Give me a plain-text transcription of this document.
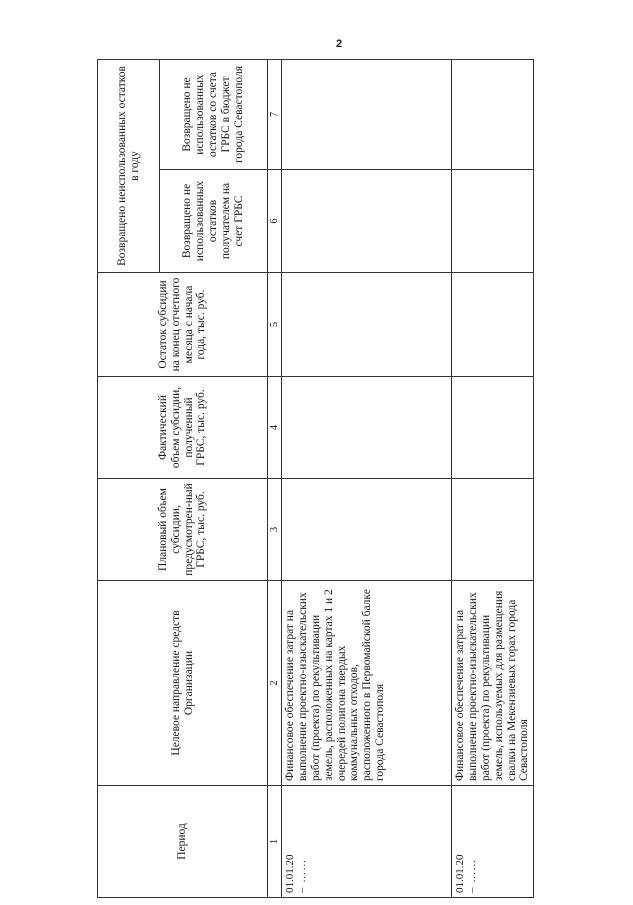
2
Период	Целевое направление средств Организации	Плановый объем субсидии, предусмотрен-ный ГРБС, тыс. руб.	Фактический объем субсидии, полученный ГРБС, тыс. руб.	Остаток субсидии на конец отчетного месяца с начала года, тыс. руб.	Возвращено неиспользованных остатков в году	
					Возвращено не использованных остатков получателем на счет ГРБС	Возвращено не использованных остатков со счета ГРБС в бюджет города Севастополя
1	2	3	4	5	6	7
01.01.20 – ……	Финансовое обеспечение затрат на выполнение проектно-изыскательских работ (проекта) по рекультивации земель, расположенных на картах 1 и 2 очередей полигона твердых коммунальных отходов, расположенного в Первомайской балке города Севастополя					
01.01.20 – ……	Финансовое обеспечение затрат на выполнение проектно-изыскательских работ (проекта) по рекультивации земель, используемых для размещения свалки на Мекензиевых горах города Севастополя					
